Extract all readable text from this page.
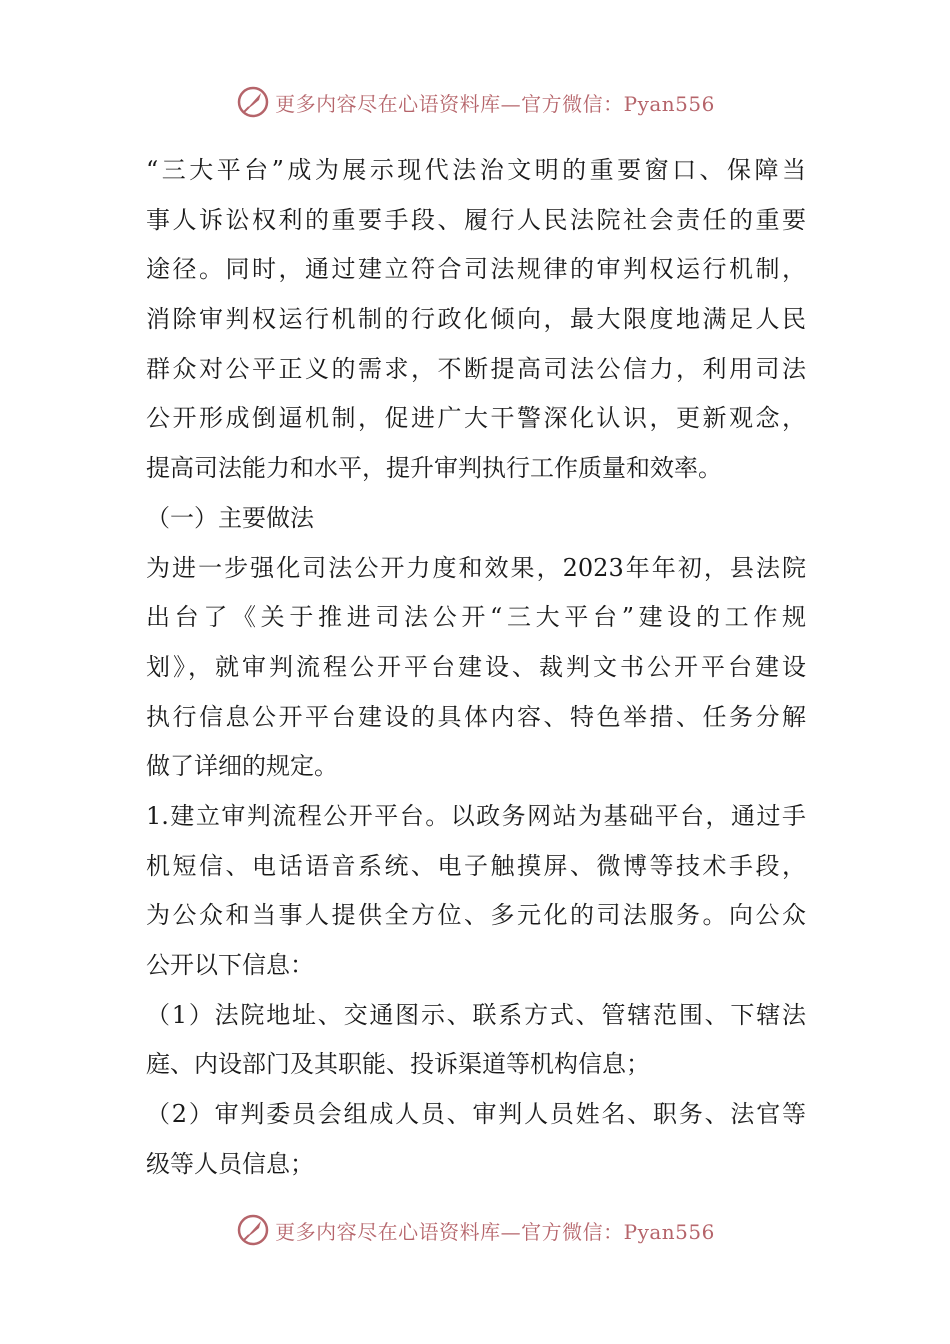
更多内容尽在心语资料库—官方微信：Pyan556
“三大平台”成为展示现代法治文明的重要窗口、保障当
事人诉讼权利的重要手段、履行人民法院社会责任的重要
途径。同时，通过建立符合司法规律的审判权运行机制，
消除审判权运行机制的行政化倾向，最大限度地满足人民
群众对公平正义的需求，不断提高司法公信力，利用司法
公开形成倒逼机制，促进广大干警深化认识，更新观念，
提高司法能力和水平，提升审判执行工作质量和效率。
（一）主要做法
为进一步强化司法公开力度和效果，2023年年初，县法院
出台了《关于推进司法公开“三大平台”建设的工作规
划》，就审判流程公开平台建设、裁判文书公开平台建设
执行信息公开平台建设的具体内容、特色举措、任务分解
做了详细的规定。
1.建立审判流程公开平台。以政务网站为基础平台，通过手
机短信、电话语音系统、电子触摸屏、微博等技术手段，
为公众和当事人提供全方位、多元化的司法服务。向公众
公开以下信息：
（1）法院地址、交通图示、联系方式、管辖范围、下辖法
庭、内设部门及其职能、投诉渠道等机构信息；
（2）审判委员会组成人员、审判人员姓名、职务、法官等
级等人员信息；
更多内容尽在心语资料库—官方微信：Pyan556
